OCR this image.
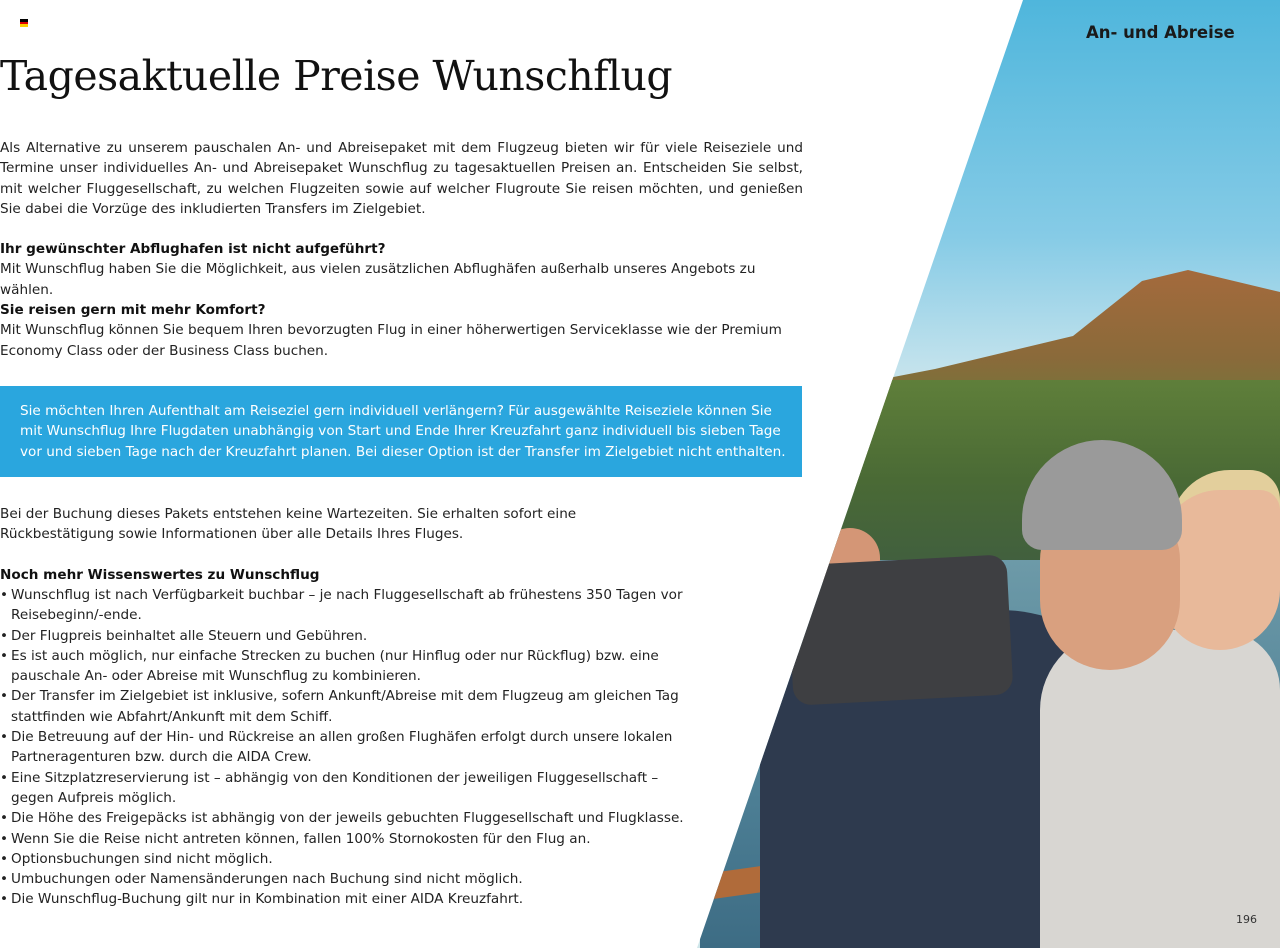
An- und Abreise
Tagesaktuelle Preise Wunschflug

Als Alternative zu unserem pauschalen An- und Abreisepaket mit dem Flugzeug bieten wir für viele Reiseziele und Termine unser individuelles An- und Abreisepaket Wunschflug zu tagesaktuellen Preisen an. Entscheiden Sie selbst, mit welcher Fluggesellschaft, zu welchen Flugzeiten sowie auf welcher Flugroute Sie reisen möchten, und genießen Sie dabei die Vorzüge des inkludierten Transfers im Zielgebiet.

Ihr gewünschter Abflughafen ist nicht aufgeführt?
Mit Wunschflug haben Sie die Möglichkeit, aus vielen zusätzlichen Abflughäfen außerhalb unseres Angebots zu wählen.
Sie reisen gern mit mehr Komfort?
Mit Wunschflug können Sie bequem Ihren bevorzugten Flug in einer höherwertigen Serviceklasse wie der Premium Economy Class oder der Business Class buchen.
Sie möchten Ihren Aufenthalt am Reiseziel gern individuell verlängern? Für ausgewählte Reiseziele können Sie mit Wunschflug Ihre Flugdaten unabhängig von Start und Ende Ihrer Kreuzfahrt ganz individuell bis sieben Tage vor und sieben Tage nach der Kreuzfahrt planen. Bei dieser Option ist der Transfer im Zielgebiet nicht enthalten.

Bei der Buchung dieses Pakets entstehen keine Wartezeiten. Sie erhalten sofort eine Rückbestätigung sowie Informationen über alle Details Ihres Fluges.

Noch mehr Wissenswertes zu Wunschflug
• Wunschflug ist nach Verfügbarkeit buchbar – je nach Fluggesellschaft ab frühestens 350 Tagen vor Reisebeginn/-ende.
• Der Flugpreis beinhaltet alle Steuern und Gebühren.
• Es ist auch möglich, nur einfache Strecken zu buchen (nur Hinflug oder nur Rückflug) bzw. eine pauschale An- oder Abreise mit Wunschflug zu kombinieren.
• Der Transfer im Zielgebiet ist inklusive, sofern Ankunft/Abreise mit dem Flugzeug am gleichen Tag stattfinden wie Abfahrt/Ankunft mit dem Schiff.
• Die Betreuung auf der Hin- und Rückreise an allen großen Flughäfen erfolgt durch unsere lokalen Partneragenturen bzw. durch die AIDA Crew.
• Eine Sitzplatzreservierung ist – abhängig von den Konditionen der jeweiligen Fluggesellschaft – gegen Aufpreis möglich.
• Die Höhe des Freigepäcks ist abhängig von der jeweils gebuchten Fluggesellschaft und Flugklasse.
• Wenn Sie die Reise nicht antreten können, fallen 100% Stornokosten für den Flug an.
• Optionsbuchungen sind nicht möglich.
• Umbuchungen oder Namensänderungen nach Buchung sind nicht möglich.
• Die Wunschflug-Buchung gilt nur in Kombination mit einer AIDA Kreuzfahrt.
196
